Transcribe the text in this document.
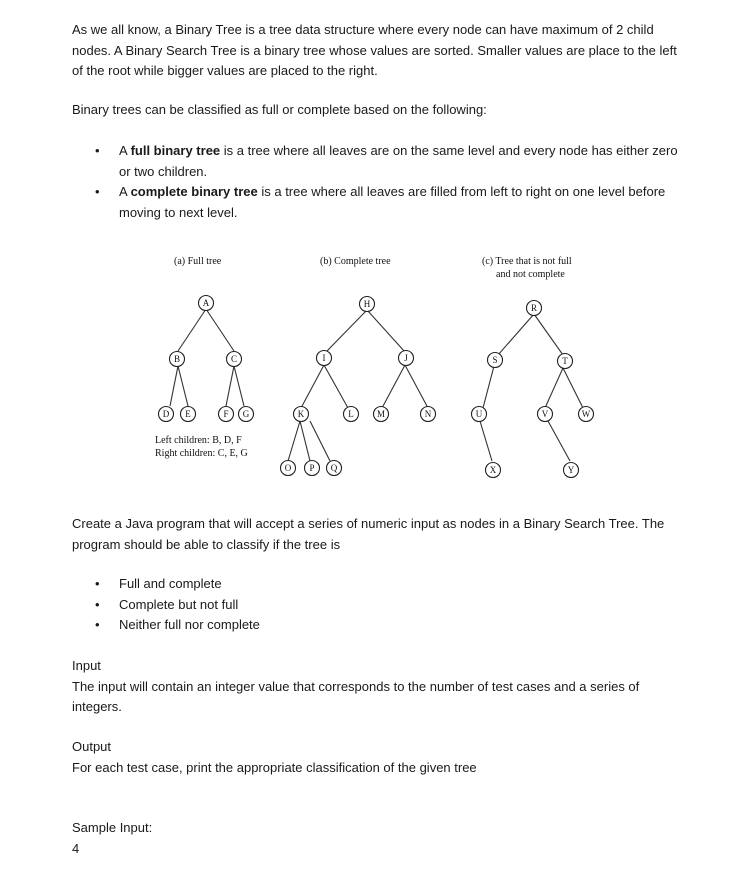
As we all know, a Binary Tree is a tree data structure where every node can have maximum of 2 child
nodes. A Binary Search Tree is a binary tree whose values are sorted. Smaller values are place to the left
of the root while bigger values are placed to the right.
Binary trees can be classified as full or complete based on the following:
• A full binary tree is a tree where all leaves are on the same level and every node has either zero
or two children.
• A complete binary tree is a tree where all leaves are filled from left to right on one level before
moving to next level.
(a) Full tree
A
B	C
D E	F G
Left children: B, D, F
Right children: C, E, G
(b) Complete tree
H
I	J
K	L	M	N
O P Q
(c) Tree that is not full
and not complete
R
S	T
U	V	W
X	Y
Create a Java program that will accept a series of numeric input as nodes in a Binary Search Tree. The
program should be able to classify if the tree is
• Full and complete
• Complete but not full
• Neither full nor complete
Input
The input will contain an integer value that corresponds to the number of test cases and a series of
integers.
Output
For each test case, print the appropriate classification of the given tree
Sample Input:
4
